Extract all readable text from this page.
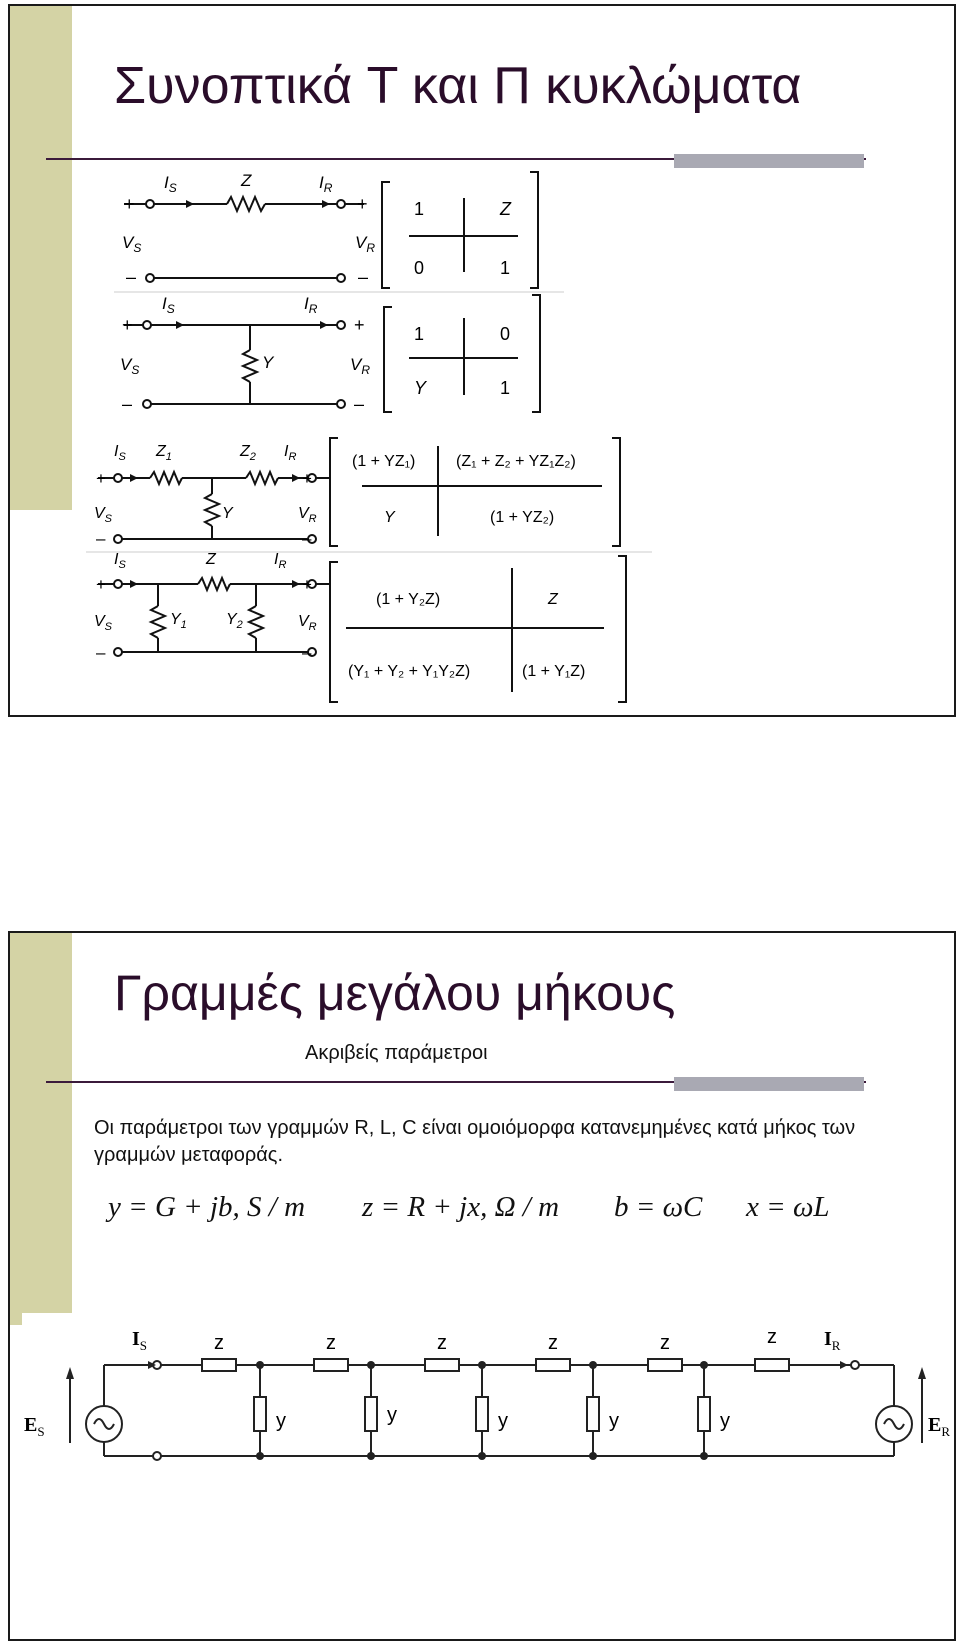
Συνοπτικά T και Π κυκλώματα
+
$I_S$	Z	$I_R$
+
$V_S$	$V_R$
–	–
1	Z
0	1
+
$I_S$	$I_R$
+
Y
$V_S$	$V_R$
–	–
1	0
Y	1
$I_S$ $Z_1$	$Z_2$ $I_R$
+	+
Y
$V_S$	$V_R$
–	–
(1 + YZ₁)	(Z₁ + Z₂ + YZ₁Z₂)
Y	(1 + YZ₂)
$I_S$	Z	$I_R$
+	+
$Y_1$ $Y_2$
$V_S$	$V_R$
–	–
(1 + Y₂Z)	Z
(Y₁ + Y₂ + Y₁Y₂Z)	(1 + Y₁Z)
Γραμμές μεγάλου μήκους
Ακριβείς παράμετροι
Οι παράμετροι των γραμμών R, L, C είναι ομοιόμορφα κατανεμημένες κατά μήκος των γραμμών μεταφοράς.
y = G + jb, S / m z = R + jx, Ω / m b = ωC x = ωL
z	z	z	z	z	z
y	y	y	y	y
$I_S$	$I_R$
$E_S$	$E_R$
